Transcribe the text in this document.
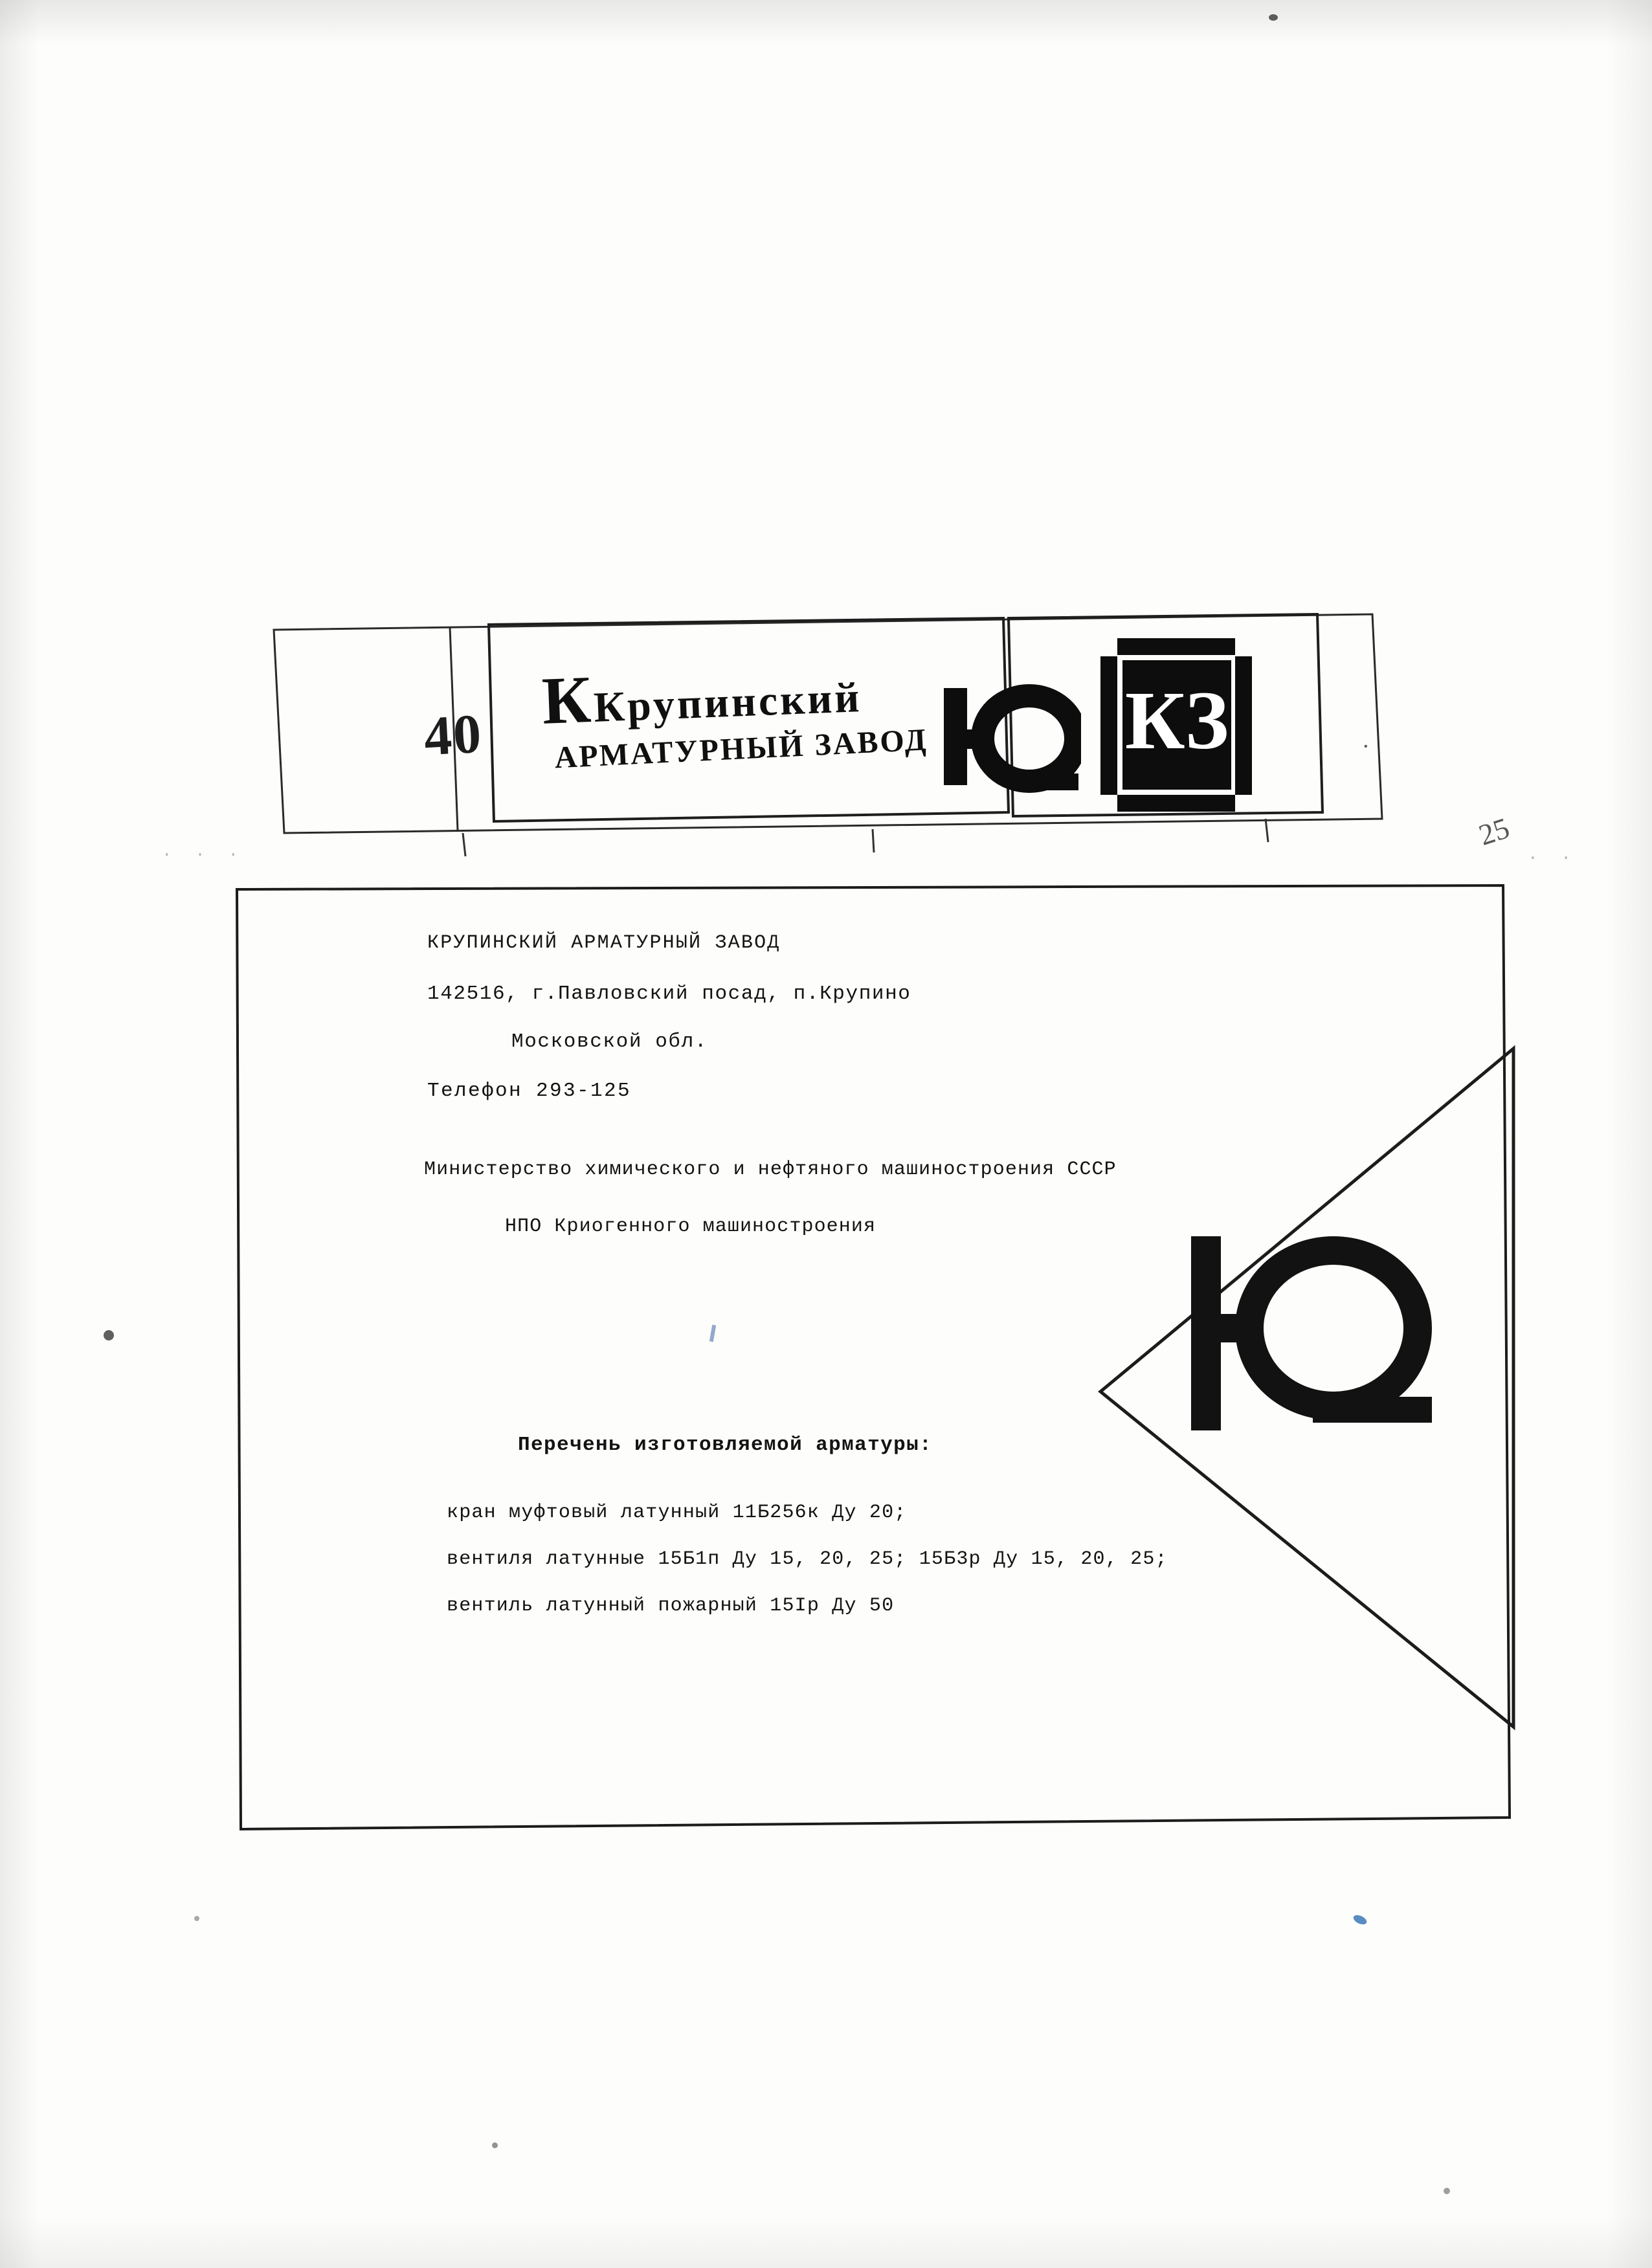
. . .	. .
•
40 ККрупинский
АРМАТУРНЫЙ ЗАВОД КЗ
25
КРУПИНСКИЙ АРМАТУРНЫЙ ЗАВОД
142516, г.Павловский посад, п.Крупино
Московской обл.
Телефон 293-125
Министерство химического и нефтяного машиностроения СССР
НПО Криогенного машиностроения
Перечень изготовляемой арматуры:
кран муфтовый латунный 11Б256к Ду 20;
вентиля латунные 15Б1п Ду 15, 20, 25; 15Б3р Ду 15, 20, 25;
вентиль латунный пожарный 15Iр Ду 50
